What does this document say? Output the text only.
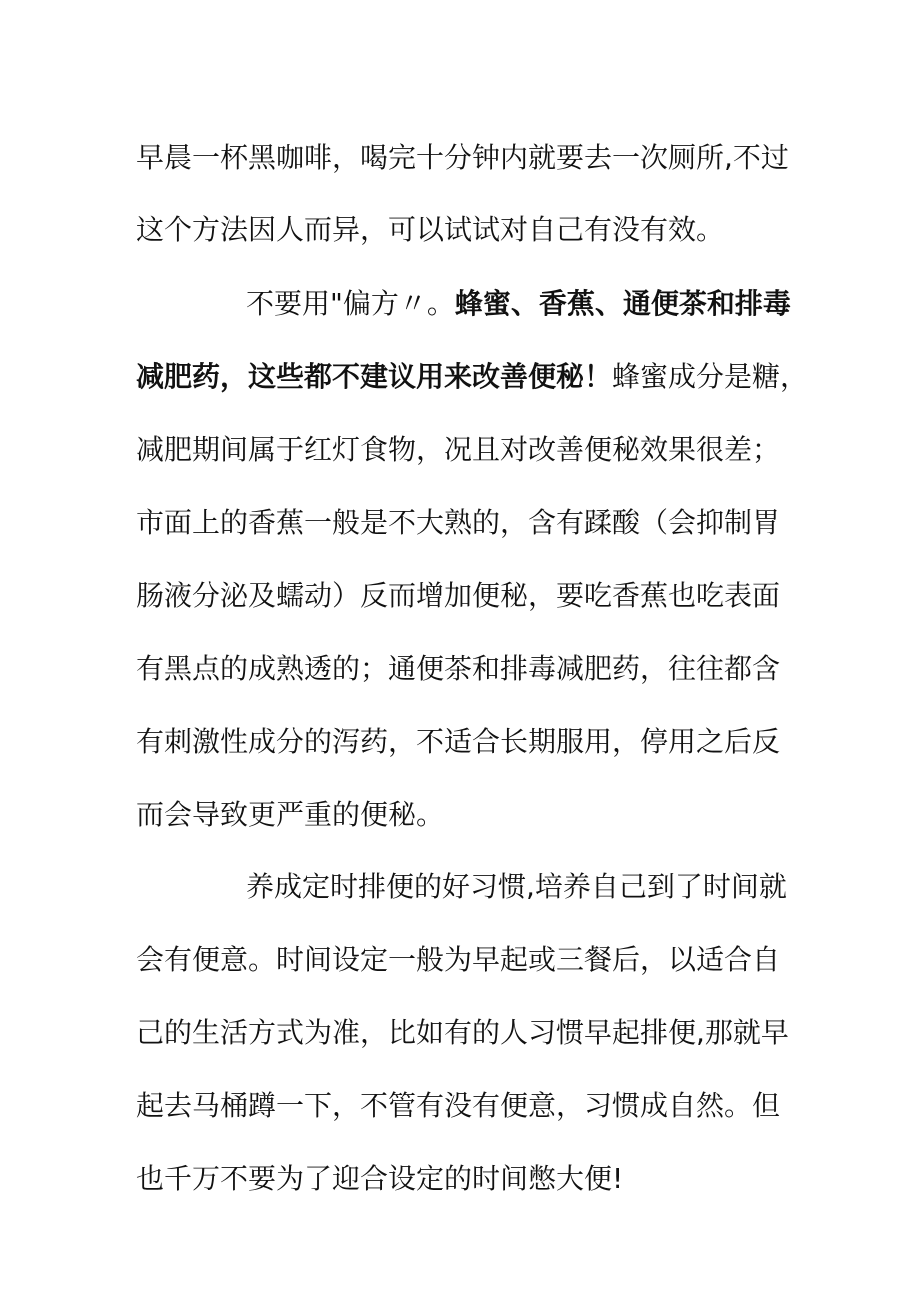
早晨一杯黑咖啡，喝完十分钟内就要去一次厕所,不过
这个方法因人而异，可以试试对自己有没有效。
不要用"偏方〃。蜂蜜、香蕉、通便茶和排毒
减肥药，这些都不建议用来改善便秘！蜂蜜成分是糖，
减肥期间属于红灯食物，况且对改善便秘效果很差；
市面上的香蕉一般是不大熟的，含有蹂酸（会抑制胃
肠液分泌及蠕动）反而增加便秘，要吃香蕉也吃表面
有黑点的成熟透的；通便茶和排毒减肥药，往往都含
有刺激性成分的泻药，不适合长期服用，停用之后反
而会导致更严重的便秘。
养成定时排便的好习惯,培养自己到了时间就
会有便意。时间设定一般为早起或三餐后，以适合自
己的生活方式为准，比如有的人习惯早起排便,那就早
起去马桶蹲一下，不管有没有便意，习惯成自然。但
也千万不要为了迎合设定的时间憋大便!
